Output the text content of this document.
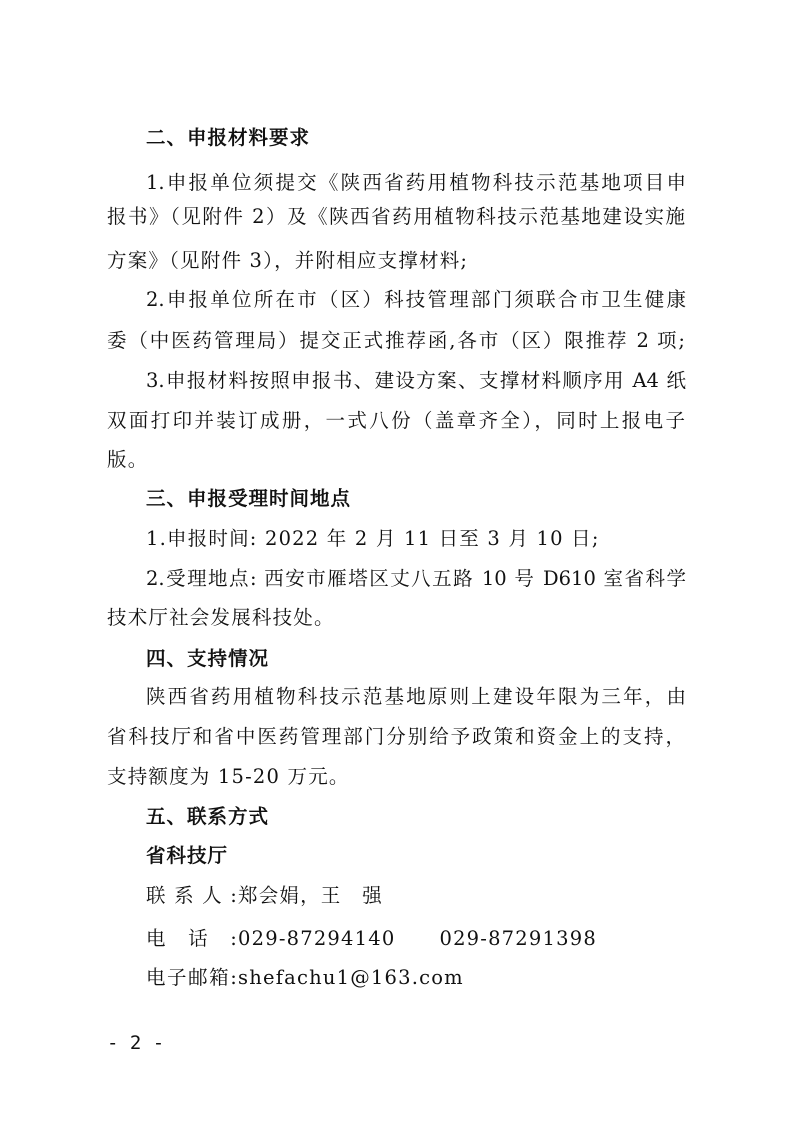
二、申报材料要求
1.申报单位须提交《陕西省药用植物科技示范基地项目申
报书》（见附件 2）及《陕西省药用植物科技示范基地建设实施
方案》（见附件 3），并附相应支撑材料;
2.申报单位所在市（区）科技管理部门须联合市卫生健康
委（中医药管理局）提交正式推荐函,各市（区）限推荐 2 项;
3.申报材料按照申报书、建设方案、支撑材料顺序用 A4 纸
双面打印并装订成册，一式八份（盖章齐全），同时上报电子
版。
三、申报受理时间地点
1.申报时间: 2022 年 2 月 11 日至 3 月 10 日;
2.受理地点: 西安市雁塔区丈八五路 10 号 D610 室省科学
技术厅社会发展科技处。
四、支持情况
陕西省药用植物科技示范基地原则上建设年限为三年，由
省科技厅和省中医药管理部门分别给予政策和资金上的支持，
支持额度为 15-20 万元。
五、联系方式
省科技厅
联系人:郑会娟，王　强
电话:029-87294140 029-87291398
电子邮箱:shefachu1@163.com
- 2 -
